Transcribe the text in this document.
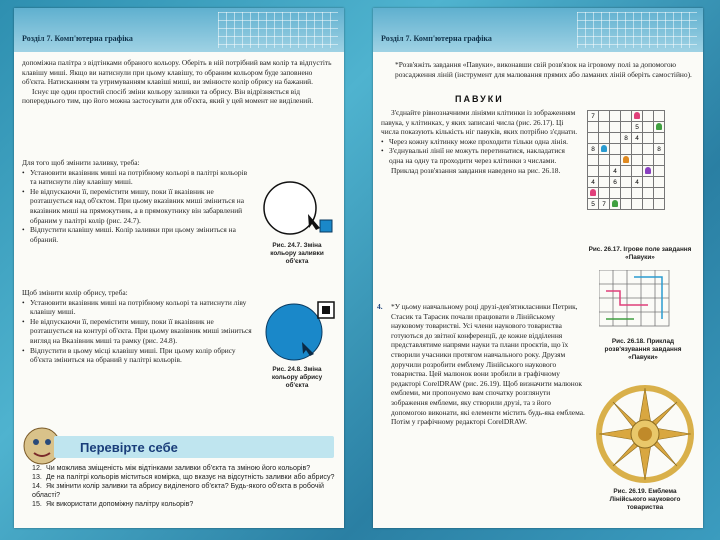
Розділ 7. Комп'ютерна графіка

допоміжна палітра з відтінками обраного кольору. Оберіть в ній потрібний вам колір та відпустіть клавішу миші. Якщо ви натиснули при цьому клавішу, то обраним кольором буде заповнено об'єкта. Натисканням та утримуванням клавіші миші, ви змінюєте колір обрису на бажаний.

Існує ще один простий спосіб зміни кольору заливки та обрису. Він відрізняється від попереднього тим, що його можна застосувати для об'єкта, який у цей момент не виділений.

Для того щоб змінити заливку, треба:

• Установити вказівник миші на потрібному кольорі в палітрі кольорів та натиснути ліву клавішу миші.

• Не відпускаючи її, перемістити мишу, поки її вказівник не розташується над об'єктом. При цьому вказівник миші зміниться на вказівник миші на прямокутник, а в прямокутнику він забарвлений обраним у палітрі колір (рис. 24.7).

• Відпустити клавішу миші. Колір заливки при цьому зміниться на обраний.

Щоб змінити колір обрису, треба:

• Установити вказівник миші на потрібному кольорі та натиснути ліву клавішу миші.

• Не відпускаючи її, перемістити мишу, поки її вказівник не розташується на контурі об'єкта. При цьому вказівник миші зміниться вигляд на Вказівник миші та рамку (рис. 24.8).

• Відпустити в цьому місці клавішу миші. При цьому колір обрису об'єкта зміниться на обраний у палітрі кольорів.

Рис. 24.7. Зміна кольору заливки об'єкта
Рис. 24.8. Зміна кольору абрису об'єкта
Перевірте себе

12. Чи можлива зміщеність між відтінками заливки об'єкта та зміною його кольорів?

13. Де на палітрі кольорів міститься комірка, що вказує на відсутність заливки або абрису?

14. Як змінити колір заливки та абрису виділеного об'єкта? Будь-якого об'єкта в робочій області?

15. Як використати допоміжну палітру кольорів?

Розділ 7. Комп'ютерна графіка
*Розв'яжіть завдання «Павуки», виконавши свій розв'язок на ігровому полі за допомогою розсадження ліній (інструмент для малювання прямих або ламаних ліній оберіть самостійно).
ПАВУКИ

З'єднайте рівнозначними лініями клітинки із зображенням павука, у клітинках, у яких записані числа (рис. 26.17). Ці числа показують кількість ніг павуків, яких потрібно з'єднати.

• Через кожну клітинку може проходити тільки одна лінія.

• З'єднувальні лінії не можуть перетинатися, накладатися одна на одну та проходити через клітинки з числами.

Приклад розв'язання завдання наведено на рис. 26.18.

7						
				5		
			8	4		
8						8

		4				
4		6		4		

5	7					
Рис. 26.17. Ігрове поле завдання «Павуки»
Рис. 26.18. Приклад розв'язування завдання «Павуки»
4.	*У цьому навчальному році друзі-дев'ятикласники Петрик, Стасик та Тарасик почали працювати в Лінійському науковому товаристві. Усі члени наукового товариства готуються до звітної конференції, де кожне відділення представлятиме напрями науки та плани проєктів, що їх створили учасники протягом навчального року. Друзям доручили розробити емблему Лінійського наукового товариства. Цей малюнок вони зробили в графічному редакторі CorelDRAW (рис. 26.19). Щоб визначити малюнок емблеми, ми пропонуємо вам спочатку розглянути зображення емблеми, яку створили друзі, та з його допомогою виконати, які елементи містить будь-яка емблема. Потім у графічному редакторі CorelDRAW.
Рис. 26.19. Емблема Лінійського наукового товариства
